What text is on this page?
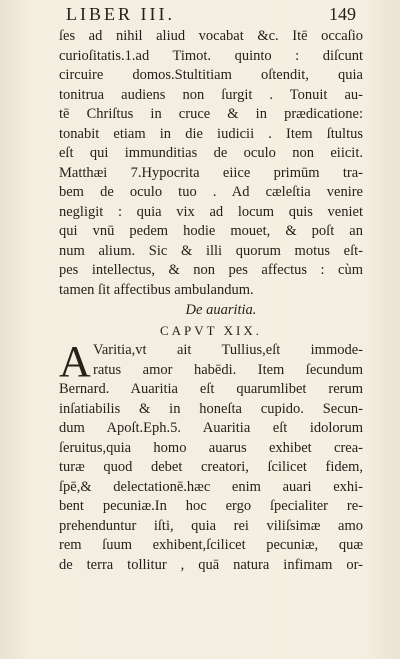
LIBER III.	149
ſes ad nihil aliud vocabat &c. Itē occaſio
curioſitatis.1.ad Timot. quinto : diſcunt
circuire domos.Stultitiam oſtendit, quia
tonitrua audiens non ſurgit . Tonuit au-
tē Chriſtus in cruce & in prædicatione:
tonabit etiam in die iudicii . Item ſtultus
eſt qui immunditias de oculo non eiicit.
Matthæi 7.Hypocrita eiice primūm tra-
bem de oculo tuo . Ad cæleſtia venire
negligit : quia vix ad locum quis veniet
qui vnū pedem hodie mouet, & poſt an
num alium. Sic & illi quorum motus eſt-
pes intellectus, & non pes affectus : cùm
tamen ſit affectibus ambulandum.
De auaritia.
CAPVT XIX.
A Varitia,vt ait Tullius,eſt immode-
ratus amor habēdi. Item ſecundum
Bernard. Auaritia eſt quarumlibet rerum
inſatiabilis & in honeſta cupido. Secun-
dum Apoſt.Eph.5. Auaritia eſt idolorum
ſeruitus,quia homo auarus exhibet crea-
turæ quod debet creatori, ſcilicet fidem,
ſpē,& delectationē.hæc enim auari exhi-
bent pecuniæ.In hoc ergo ſpecialiter re-
prehenduntur iſti, quia rei viliſsimæ amo
rem ſuum exhibent,ſcilicet pecuniæ, quæ
de terra tollitur , quā natura infimam or-
